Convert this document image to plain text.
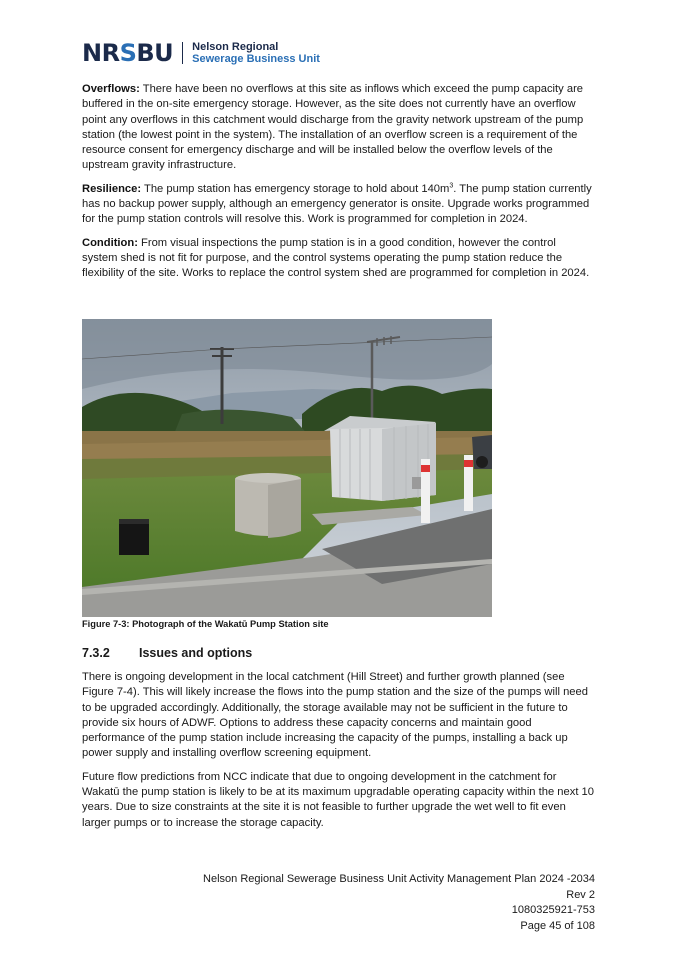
NRSBU Nelson Regional
Sewerage Business Unit

Overflows: There have been no overflows at this site as inflows which exceed the pump capacity are buffered in the on-site emergency storage. However, as the site does not currently have an overflow point any overflows in this catchment would discharge from the gravity network upstream of the pump station (the lowest point in the system). The installation of an overflow screen is a requirement of the resource consent for emergency discharge and will be installed below the overflow levels of the upstream gravity infrastructure.

Resilience: The pump station has emergency storage to hold about $140m^3$. The pump station currently has no backup power supply, although an emergency generator is onsite. Upgrade works programmed for the pump station controls will resolve this. Work is programmed for completion in 2024.

Condition: From visual inspections the pump station is in a good condition, however the control system shed is not fit for purpose, and the control systems operating the pump station reduce the flexibility of the site. Works to replace the control system shed are programmed for completion in 2024.

Figure 7-3: Photograph of the Wakatū Pump Station site
7.3.2	Issues and options

There is ongoing development in the local catchment (Hill Street) and further growth planned (see Figure 7-4). This will likely increase the flows into the pump station and the size of the pumps will need to be upgraded accordingly. Additionally, the storage available may not be sufficient in the future to provide six hours of ADWF. Options to address these capacity concerns and maintain good performance of the pump station include increasing the capacity of the pumps, installing a back up power supply and installing overflow screening equipment.

Future flow predictions from NCC indicate that due to ongoing development in the catchment for Wakatū the pump station is likely to be at its maximum upgradable operating capacity within the next 10 years. Due to size constraints at the site it is not feasible to further upgrade the wet well to fit even larger pumps or to increase the storage capacity.

Nelson Regional Sewerage Business Unit Activity Management Plan 2024 -2034
Rev 2
1080325921-753
Page 45 of 108
